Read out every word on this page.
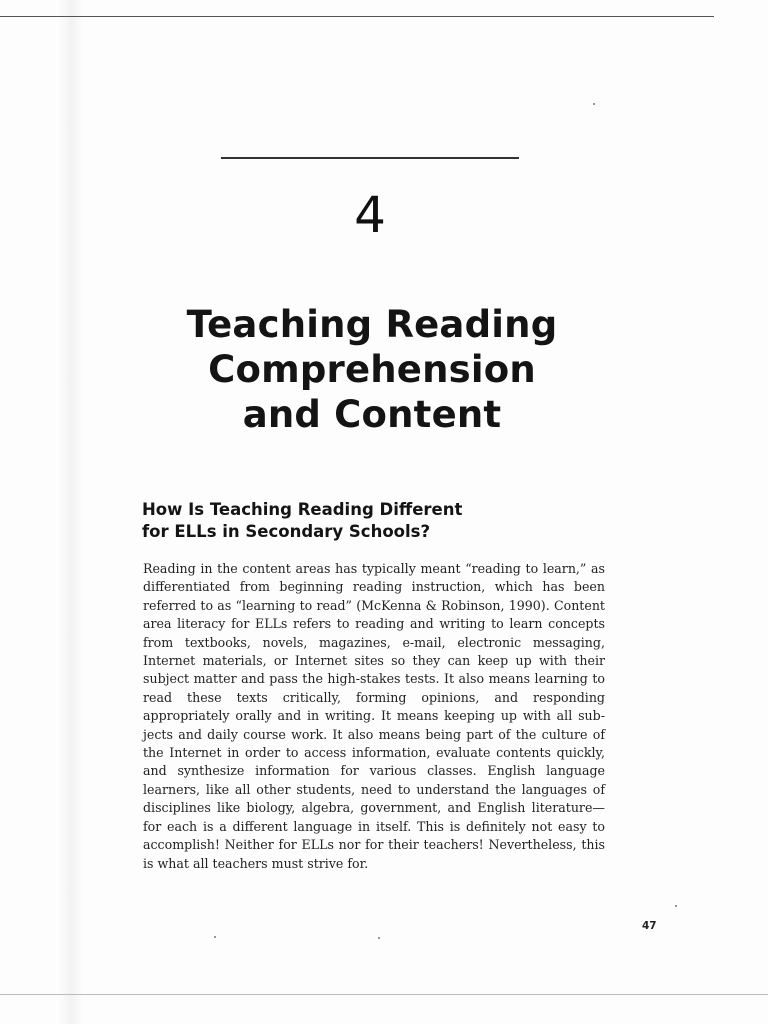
4
Teaching Reading
Comprehension
and Content
How Is Teaching Reading Different
for ELLs in Secondary Schools?

Reading in the content areas has typically meant “reading to learn,” as differentiated from beginning reading instruction, which has been referred to as “learning to read” (McKenna & Robinson, 1990). Content area literacy for ELLs refers to reading and writing to learn concepts from textbooks, novels, magazines, e-mail, electronic messaging, Internet materials, or Internet sites so they can keep up with their subject matter and pass the high-stakes tests. It also means learning to read these texts critically, forming opinions, and responding appropriately orally and in writing. It means keeping up with all subjects and daily course work. It also means being part of the culture of the Internet in order to access information, evaluate contents quickly, and synthesize information for various classes. English language learners, like all other students, need to understand the languages of disciplines like biology, algebra, government, and English literature—for each is a different language in itself. This is definitely not easy to accomplish! Neither for ELLs nor for their teachers! Nevertheless, this is what all teachers must strive for.

47
